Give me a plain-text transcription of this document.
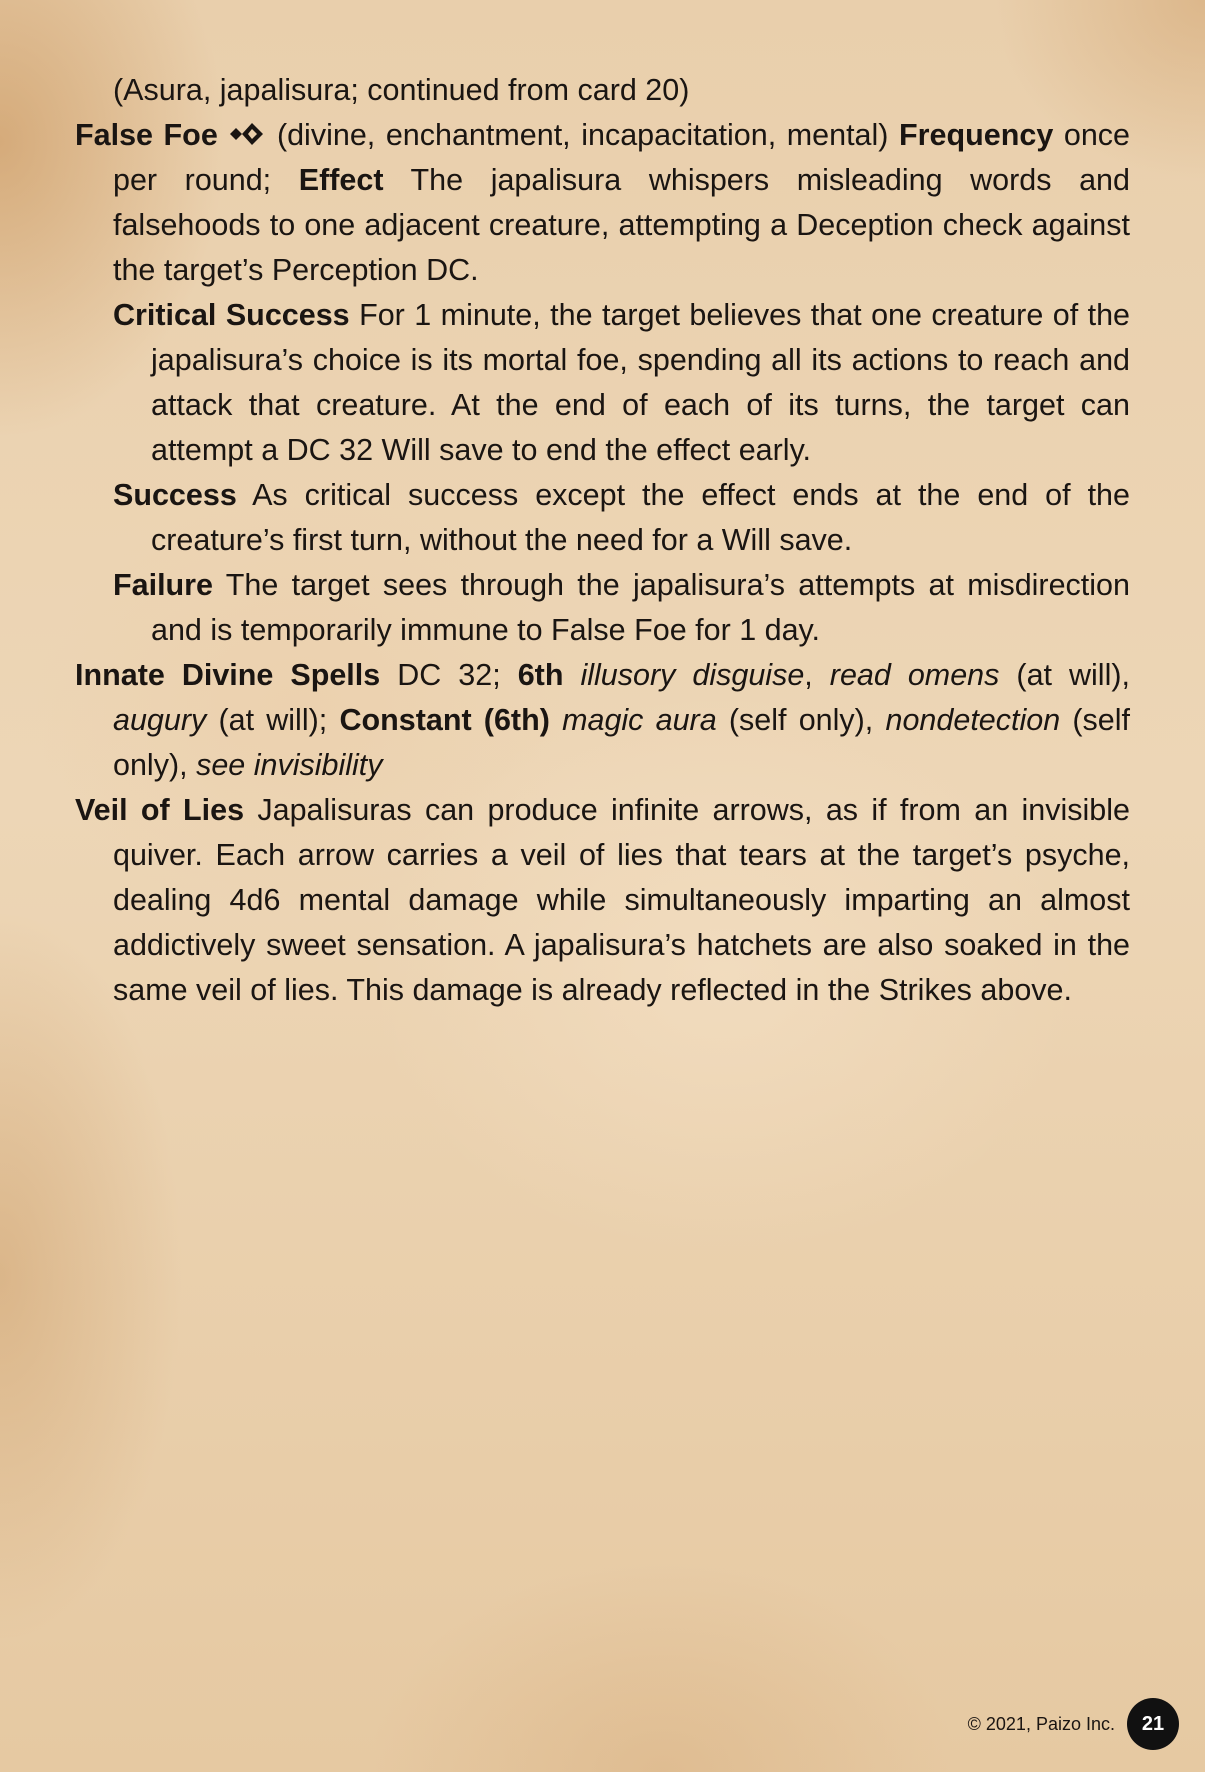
(Asura, japalisura; continued from card 20)

False Foe (divine, enchantment, incapacitation, mental) Frequency once per round; Effect The japalisura whispers misleading words and falsehoods to one adjacent creature, attempting a Deception check against the target’s Perception DC.

Critical Success For 1 minute, the target believes that one creature of the japalisura’s choice is its mortal foe, spending all its actions to reach and attack that creature. At the end of each of its turns, the target can attempt a DC 32 Will save to end the effect early.

Success As critical success except the effect ends at the end of the creature’s first turn, without the need for a Will save.

Failure The target sees through the japalisura’s attempts at misdirection and is temporarily immune to False Foe for 1 day.

Innate Divine Spells DC 32; 6th illusory disguise, read omens (at will), augury (at will); Constant (6th) magic aura (self only), nondetection (self only), see invisibility

Veil of Lies Japalisuras can produce infinite arrows, as if from an invisible quiver. Each arrow carries a veil of lies that tears at the target’s psyche, dealing 4d6 mental damage while simultaneously imparting an almost addictively sweet sensation. A japalisura’s hatchets are also soaked in the same veil of lies. This damage is already reflected in the Strikes above.

© 2021, Paizo Inc.	21
